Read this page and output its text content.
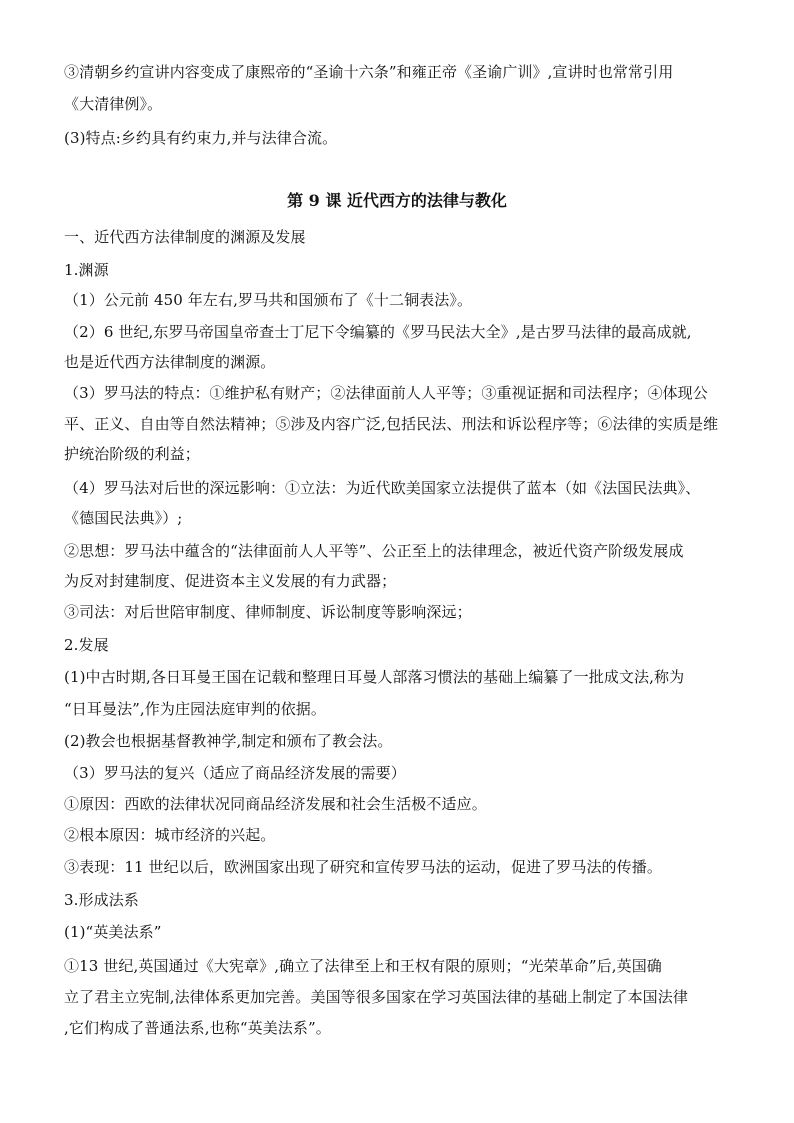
③清朝乡约宣讲内容变成了康熙帝的“圣谕十六条”和雍正帝《圣谕广训》,宣讲时也常常引用
《大清律例》。
(3)特点:乡约具有约束力,并与法律合流。
第 9 课 近代西方的法律与教化
一、近代西方法律制度的渊源及发展
1.渊源
（1）公元前 450 年左右,罗马共和国颁布了《十二铜表法》。
（2）6 世纪,东罗马帝国皇帝查士丁尼下令编纂的《罗马民法大全》,是古罗马法律的最高成就,
也是近代西方法律制度的渊源。
（3）罗马法的特点：①维护私有财产；②法律面前人人平等；③重视证据和司法程序；④体现公
平、正义、自由等自然法精神；⑤涉及内容广泛,包括民法、刑法和诉讼程序等；⑥法律的实质是维
护统治阶级的利益；
（4）罗马法对后世的深远影响：①立法：为近代欧美国家立法提供了蓝本（如《法国民法典》、
《德国民法典》）;
②思想：罗马法中蕴含的“法律面前人人平等”、公正至上的法律理念，被近代资产阶级发展成
为反对封建制度、促进资本主义发展的有力武器；
③司法：对后世陪审制度、律师制度、诉讼制度等影响深远；
2.发展
(1)中古时期,各日耳曼王国在记载和整理日耳曼人部落习惯法的基础上编纂了一批成文法,称为
“日耳曼法”,作为庄园法庭审判的依据。
(2)教会也根据基督教神学,制定和颁布了教会法。
（3）罗马法的复兴（适应了商品经济发展的需要）
①原因：西欧的法律状况同商品经济发展和社会生活极不适应。
②根本原因：城市经济的兴起。
③表现：11 世纪以后，欧洲国家出现了研究和宣传罗马法的运动，促进了罗马法的传播。
3.形成法系
(1)“英美法系”
①13 世纪,英国通过《大宪章》,确立了法律至上和王权有限的原则；“光荣革命”后,英国确
立了君主立宪制,法律体系更加完善。美国等很多国家在学习英国法律的基础上制定了本国法律
,它们构成了普通法系,也称“英美法系”。
